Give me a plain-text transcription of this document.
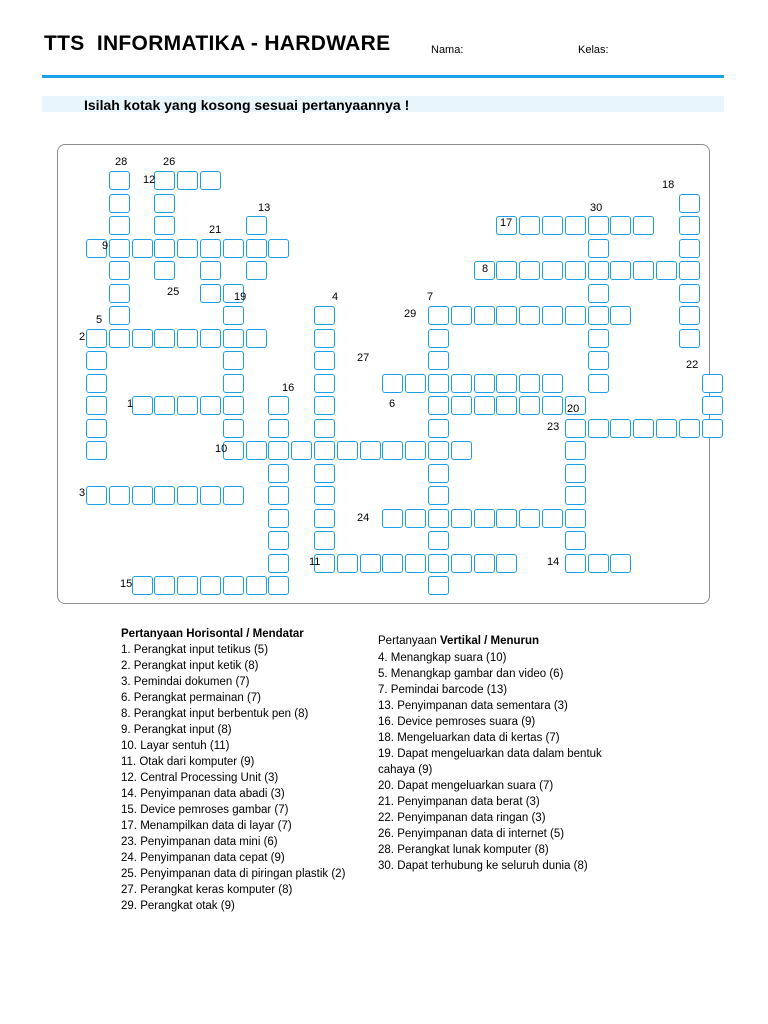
TTS  INFORMATIKA - HARDWARE	Nama:	Kelas:
Isilah kotak yang kosong sesuai pertanyaannya !
1
2
3
4
5
6
7
8
9
10
11
12
13
14
15
16
17
18
19
20
21
22
23
24
25
26
27
28
29
30
Pertanyaan Horisontal / Mendatar
1. Perangkat input tetikus (5)
2. Perangkat input ketik (8)
3. Pemindai dokumen (7)
6. Perangkat permainan (7)
8. Perangkat input berbentuk pen (8)
9. Perangkat input (8)
10. Layar sentuh (11)
11. Otak dari komputer (9)
12. Central Processing Unit (3)
14. Penyimpanan data abadi (3)
15. Device pemroses gambar (7)
17. Menampilkan data di layar (7)
23. Penyimpanan data mini (6)
24. Penyimpanan data cepat (9)
25. Penyimpanan data di piringan plastik (2)
27. Perangkat keras komputer (8)
29. Perangkat otak (9)
Pertanyaan Vertikal / Menurun
4. Menangkap suara (10)
5. Menangkap gambar dan video (6)
7. Pemindai barcode (13)
13. Penyimpanan data sementara (3)
16. Device pemroses suara (9)
18. Mengeluarkan data di kertas (7)
19. Dapat mengeluarkan data dalam bentuk cahaya (9)
20. Dapat mengeluarkan suara (7)
21. Penyimpanan data berat (3)
22. Penyimpanan data ringan (3)
26. Penyimpanan data di internet (5)
28. Perangkat lunak komputer (8)
30. Dapat terhubung ke seluruh dunia (8)
